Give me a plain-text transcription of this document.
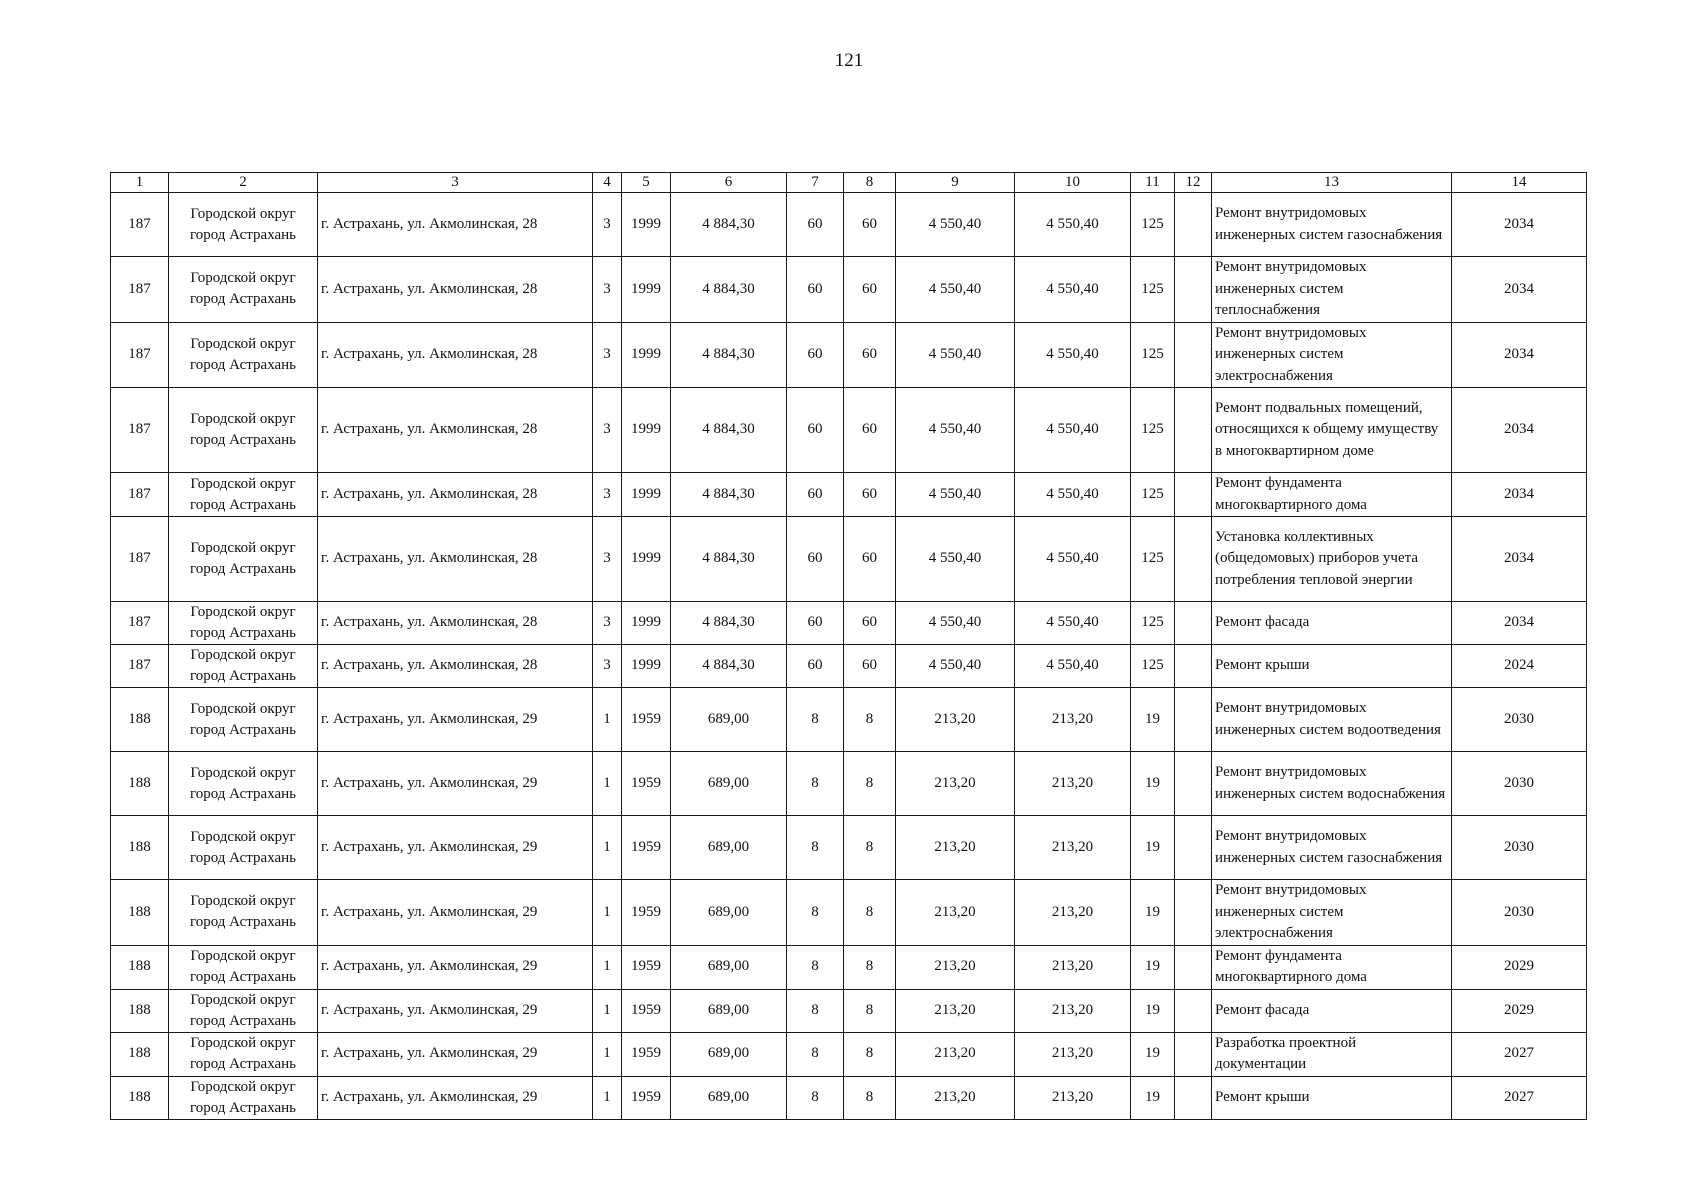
121
1	2	3	4	5	6	7	8	9	10	11	12	13	14
187	Городской округ город Астрахань	г. Астрахань, ул. Акмолинская, 28	3	1999	4 884,30	60	60	4 550,40	4 550,40	125		Ремонт внутридомовых инженерных систем газоснабжения	2034
187	Городской округ город Астрахань	г. Астрахань, ул. Акмолинская, 28	3	1999	4 884,30	60	60	4 550,40	4 550,40	125		Ремонт внутридомовых инженерных систем теплоснабжения	2034
187	Городской округ город Астрахань	г. Астрахань, ул. Акмолинская, 28	3	1999	4 884,30	60	60	4 550,40	4 550,40	125		Ремонт внутридомовых инженерных систем электроснабжения	2034
187	Городской округ город Астрахань	г. Астрахань, ул. Акмолинская, 28	3	1999	4 884,30	60	60	4 550,40	4 550,40	125		Ремонт подвальных помещений, относящихся к общему имуществу в многоквартирном доме	2034
187	Городской округ город Астрахань	г. Астрахань, ул. Акмолинская, 28	3	1999	4 884,30	60	60	4 550,40	4 550,40	125		Ремонт фундамента многоквартирного дома	2034
187	Городской округ город Астрахань	г. Астрахань, ул. Акмолинская, 28	3	1999	4 884,30	60	60	4 550,40	4 550,40	125		Установка коллективных (общедомовых) приборов учета потребления тепловой энергии	2034
187	Городской округ город Астрахань	г. Астрахань, ул. Акмолинская, 28	3	1999	4 884,30	60	60	4 550,40	4 550,40	125		Ремонт фасада	2034
187	Городской округ город Астрахань	г. Астрахань, ул. Акмолинская, 28	3	1999	4 884,30	60	60	4 550,40	4 550,40	125		Ремонт крыши	2024
188	Городской округ город Астрахань	г. Астрахань, ул. Акмолинская, 29	1	1959	689,00	8	8	213,20	213,20	19		Ремонт внутридомовых инженерных систем водоотведения	2030
188	Городской округ город Астрахань	г. Астрахань, ул. Акмолинская, 29	1	1959	689,00	8	8	213,20	213,20	19		Ремонт внутридомовых инженерных систем водоснабжения	2030
188	Городской округ город Астрахань	г. Астрахань, ул. Акмолинская, 29	1	1959	689,00	8	8	213,20	213,20	19		Ремонт внутридомовых инженерных систем газоснабжения	2030
188	Городской округ город Астрахань	г. Астрахань, ул. Акмолинская, 29	1	1959	689,00	8	8	213,20	213,20	19		Ремонт внутридомовых инженерных систем электроснабжения	2030
188	Городской округ город Астрахань	г. Астрахань, ул. Акмолинская, 29	1	1959	689,00	8	8	213,20	213,20	19		Ремонт фундамента многоквартирного дома	2029
188	Городской округ город Астрахань	г. Астрахань, ул. Акмолинская, 29	1	1959	689,00	8	8	213,20	213,20	19		Ремонт фасада	2029
188	Городской округ город Астрахань	г. Астрахань, ул. Акмолинская, 29	1	1959	689,00	8	8	213,20	213,20	19		Разработка проектной документации	2027
188	Городской округ город Астрахань	г. Астрахань, ул. Акмолинская, 29	1	1959	689,00	8	8	213,20	213,20	19		Ремонт крыши	2027
